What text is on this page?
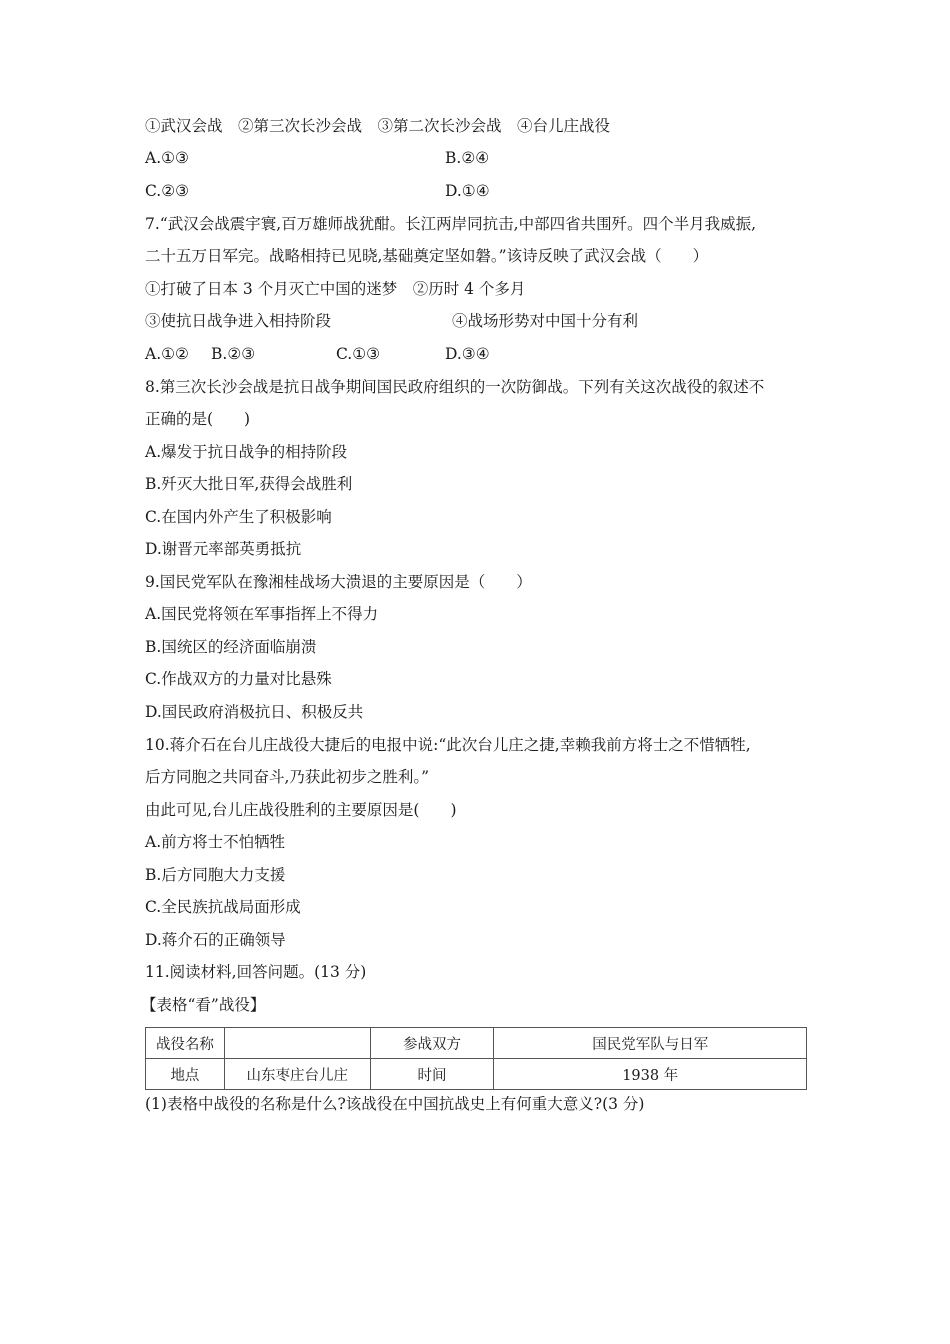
①武汉会战　②第三次长沙会战　③第二次长沙会战　④台儿庄战役
A.①③	B.②④
C.②③	D.①④
7.“武汉会战震宇寰,百万雄师战犹酣。长江两岸同抗击,中部四省共围歼。四个半月我威振,
二十五万日军完。战略相持已见晓,基础奠定坚如磐。”该诗反映了武汉会战（　　）
①打破了日本 3 个月灭亡中国的迷梦　②历时 4 个多月
③使抗日战争进入相持阶段	④战场形势对中国十分有利
A.①② B.②③	C.①③	D.③④
8.第三次长沙会战是抗日战争期间国民政府组织的一次防御战。下列有关这次战役的叙述不
正确的是(　　)
A.爆发于抗日战争的相持阶段
B.歼灭大批日军,获得会战胜利
C.在国内外产生了积极影响
D.谢晋元率部英勇抵抗
9.国民党军队在豫湘桂战场大溃退的主要原因是（　　）
A.国民党将领在军事指挥上不得力
B.国统区的经济面临崩溃
C.作战双方的力量对比悬殊
D.国民政府消极抗日、积极反共
10.蒋介石在台儿庄战役大捷后的电报中说:“此次台儿庄之捷,幸赖我前方将士之不惜牺牲,
后方同胞之共同奋斗,乃获此初步之胜利。”
由此可见,台儿庄战役胜利的主要原因是(　　)
A.前方将士不怕牺牲
B.后方同胞大力支援
C.全民族抗战局面形成
D.蒋介石的正确领导
11.阅读材料,回答问题。(13 分)
【表格“看”战役】
战役名称		参战双方	国民党军队与日军
地点	山东枣庄台儿庄	时间	1938 年
(1)表格中战役的名称是什么?该战役在中国抗战史上有何重大意义?(3 分)
